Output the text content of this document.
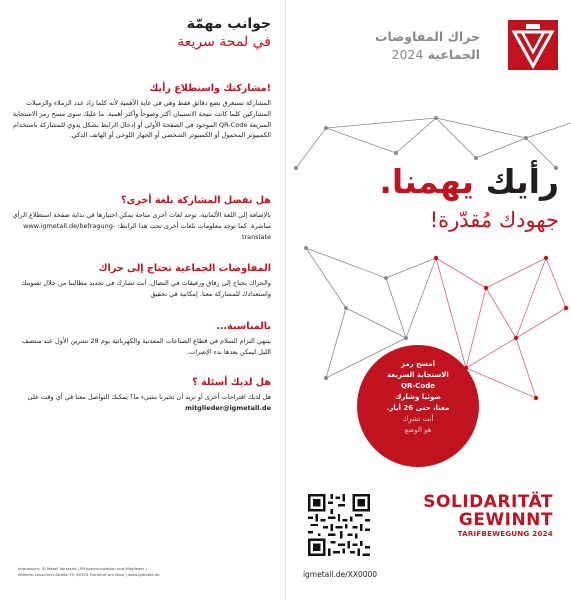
جوانب مهمّة
في لمحة سريعة
!مشاركتك واستطلاع رأيك

المشاركة تستغرق بضع دقائق فقط وهي في غاية الأهمية لأنه كلما زاد عدد الزملاء والزميلات المشاركين كلما كانت نتيجة الاستبيان أكثر وضوحاً وأكثر أهمية. ما عليك سوى مسح رمز الاستجابة السريعة QR-Code الموجود في الصفحة الأولى أو إدخال الرابط بشكل يدوي للمشاركة باستخدام الكمبيوتر المحمول أو الكمبيوتر الشخصي أو الجهاز اللوحي أو الهاتف الذكي.

هل تفضل المشاركة بلغة أخرى؟

بالإضافة إلى اللغة الألمانية، توجد لغات أخرى متاحة يمكن اختيارها في بداية صفحة استطلاع الرأي مباشرة. كما توجد معلومات بلغات أخرى تحت هذا الرابط: www.igmetall.de/befragung-translate

المفاوضات الجماعية تحتاج إلى حراك

والحراك يحتاج إلى رفاق ورفيقات في النضال. أنت تشارك في تحديد مطالبنا من خلال تصويتك واستعدادك للمشاركة معنا. إمكانية في تحقيق

بالمناسبة...

ينتهي التزام السلام في قطاع الصناعات المعدنية والكهربائية يوم 28 تشرين الأول عند منتصف الليل ليمكن بعدها بدء الإضراب.

هل لديك أسئلة ؟

هل لديك اقتراحات أخرى أو تريد أن تخبرنا بشيء ما؟ يمكنك التواصل معنا في أي وقت على mitglieder@igmetall.de

Impressum: IG Metall Vorstand | FB Kommunikation und Mitglieder |
Wilhelm-Leuschner-Straße 79, 60329 Frankfurt am Main | www.igmetall.de
حراك المفاوضات
الجماعية 2024
رأيك يهمنا.
جهودك مُقدّرة!
امسح رمز
الاستجابة السريعة
QR-Code
ضوئيا وشارك
معنا، حتى 26 أيار.
أنت تشرِك
هو الوضع
igmetall.de/XX0000
SOLIDARITÄT
GEWINNT
TARIFBEWEGUNG 2024
